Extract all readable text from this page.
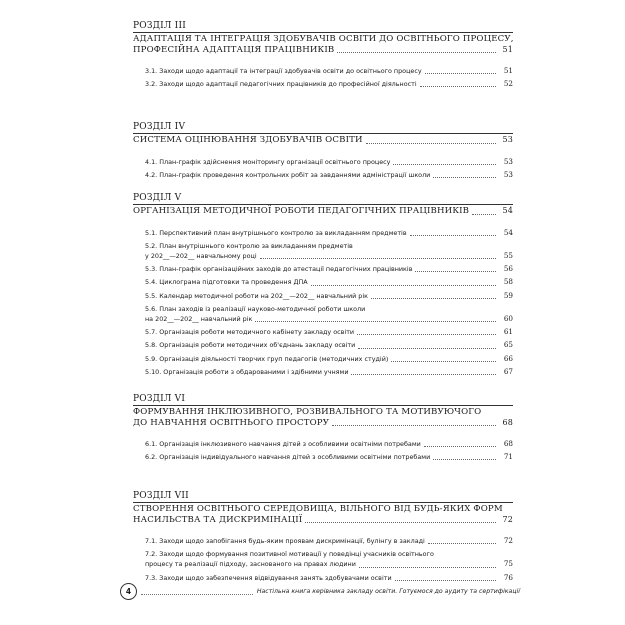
РОЗДІЛ III
АДАПТАЦІЯ ТА ІНТЕГРАЦІЯ ЗДОБУВАЧІВ ОСВІТИ ДО ОСВІТНЬОГО ПРОЦЕСУ,
ПРОФЕСІЙНА АДАПТАЦІЯ ПРАЦІВНИКІВ	51
3.1. Заходи щодо адаптації та інтеграції здобувачів освіти до освітнього процесу	51
3.2. Заходи щодо адаптації педагогічних працівників до професійної діяльності	52
РОЗДІЛ IV
СИСТЕМА ОЦІНЮВАННЯ ЗДОБУВАЧІВ ОСВІТИ	53
4.1. План-графік здійснення моніторингу організації освітнього процесу	53
4.2. План-графік проведення контрольних робіт за завданнями адміністрації школи	53
РОЗДІЛ V
ОРГАНІЗАЦІЯ МЕТОДИЧНОЇ РОБОТИ ПЕДАГОГІЧНИХ ПРАЦІВНИКІВ	54
5.1. Перспективний план внутрішнього контролю за викладанням предметів	54
5.2. План внутрішнього контролю за викладанням предметів
у 202__—202__ навчальному році	55
5.3. План-графік організаційних заходів до атестації педагогічних працівників	56
5.4. Циклограма підготовки та проведення ДПА	58
5.5. Календар методичної роботи на 202__—202__ навчальний рік	59
5.6. План заходів із реалізації науково-методичної роботи школи
на 202__—202__ навчальний рік	60
5.7. Організація роботи методичного кабінету закладу освіти	61
5.8. Організація роботи методичних об'єднань закладу освіти	65
5.9. Організація діяльності творчих груп педагогів (методичних студій)	66
5.10. Організація роботи з обдарованими і здібними учнями	67
РОЗДІЛ VI
ФОРМУВАННЯ ІНКЛЮЗИВНОГО, РОЗВИВАЛЬНОГО ТА МОТИВУЮЧОГО
ДО НАВЧАННЯ ОСВІТНЬОГО ПРОСТОРУ	68
6.1. Організація інклюзивного навчання дітей з особливими освітніми потребами	68
6.2. Організація індивідуального навчання дітей з особливими освітніми потребами	71
РОЗДІЛ VII
СТВОРЕННЯ ОСВІТНЬОГО СЕРЕДОВИЩА, ВІЛЬНОГО ВІД БУДЬ-ЯКИХ ФОРМ
НАСИЛЬСТВА ТА ДИСКРИМІНАЦІЇ	72
7.1. Заходи щодо запобігання будь-яким проявам дискримінації, булінгу в закладі	72
7.2. Заходи щодо формування позитивної мотивації у поведінці учасників освітнього
процесу та реалізації підходу, заснованого на правах людини	75
7.3. Заходи щодо забезпечення відвідування занять здобувачами освіти	76
4	Настільна книга керівника закладу освіти. Готуємося до аудиту та сертифікації
